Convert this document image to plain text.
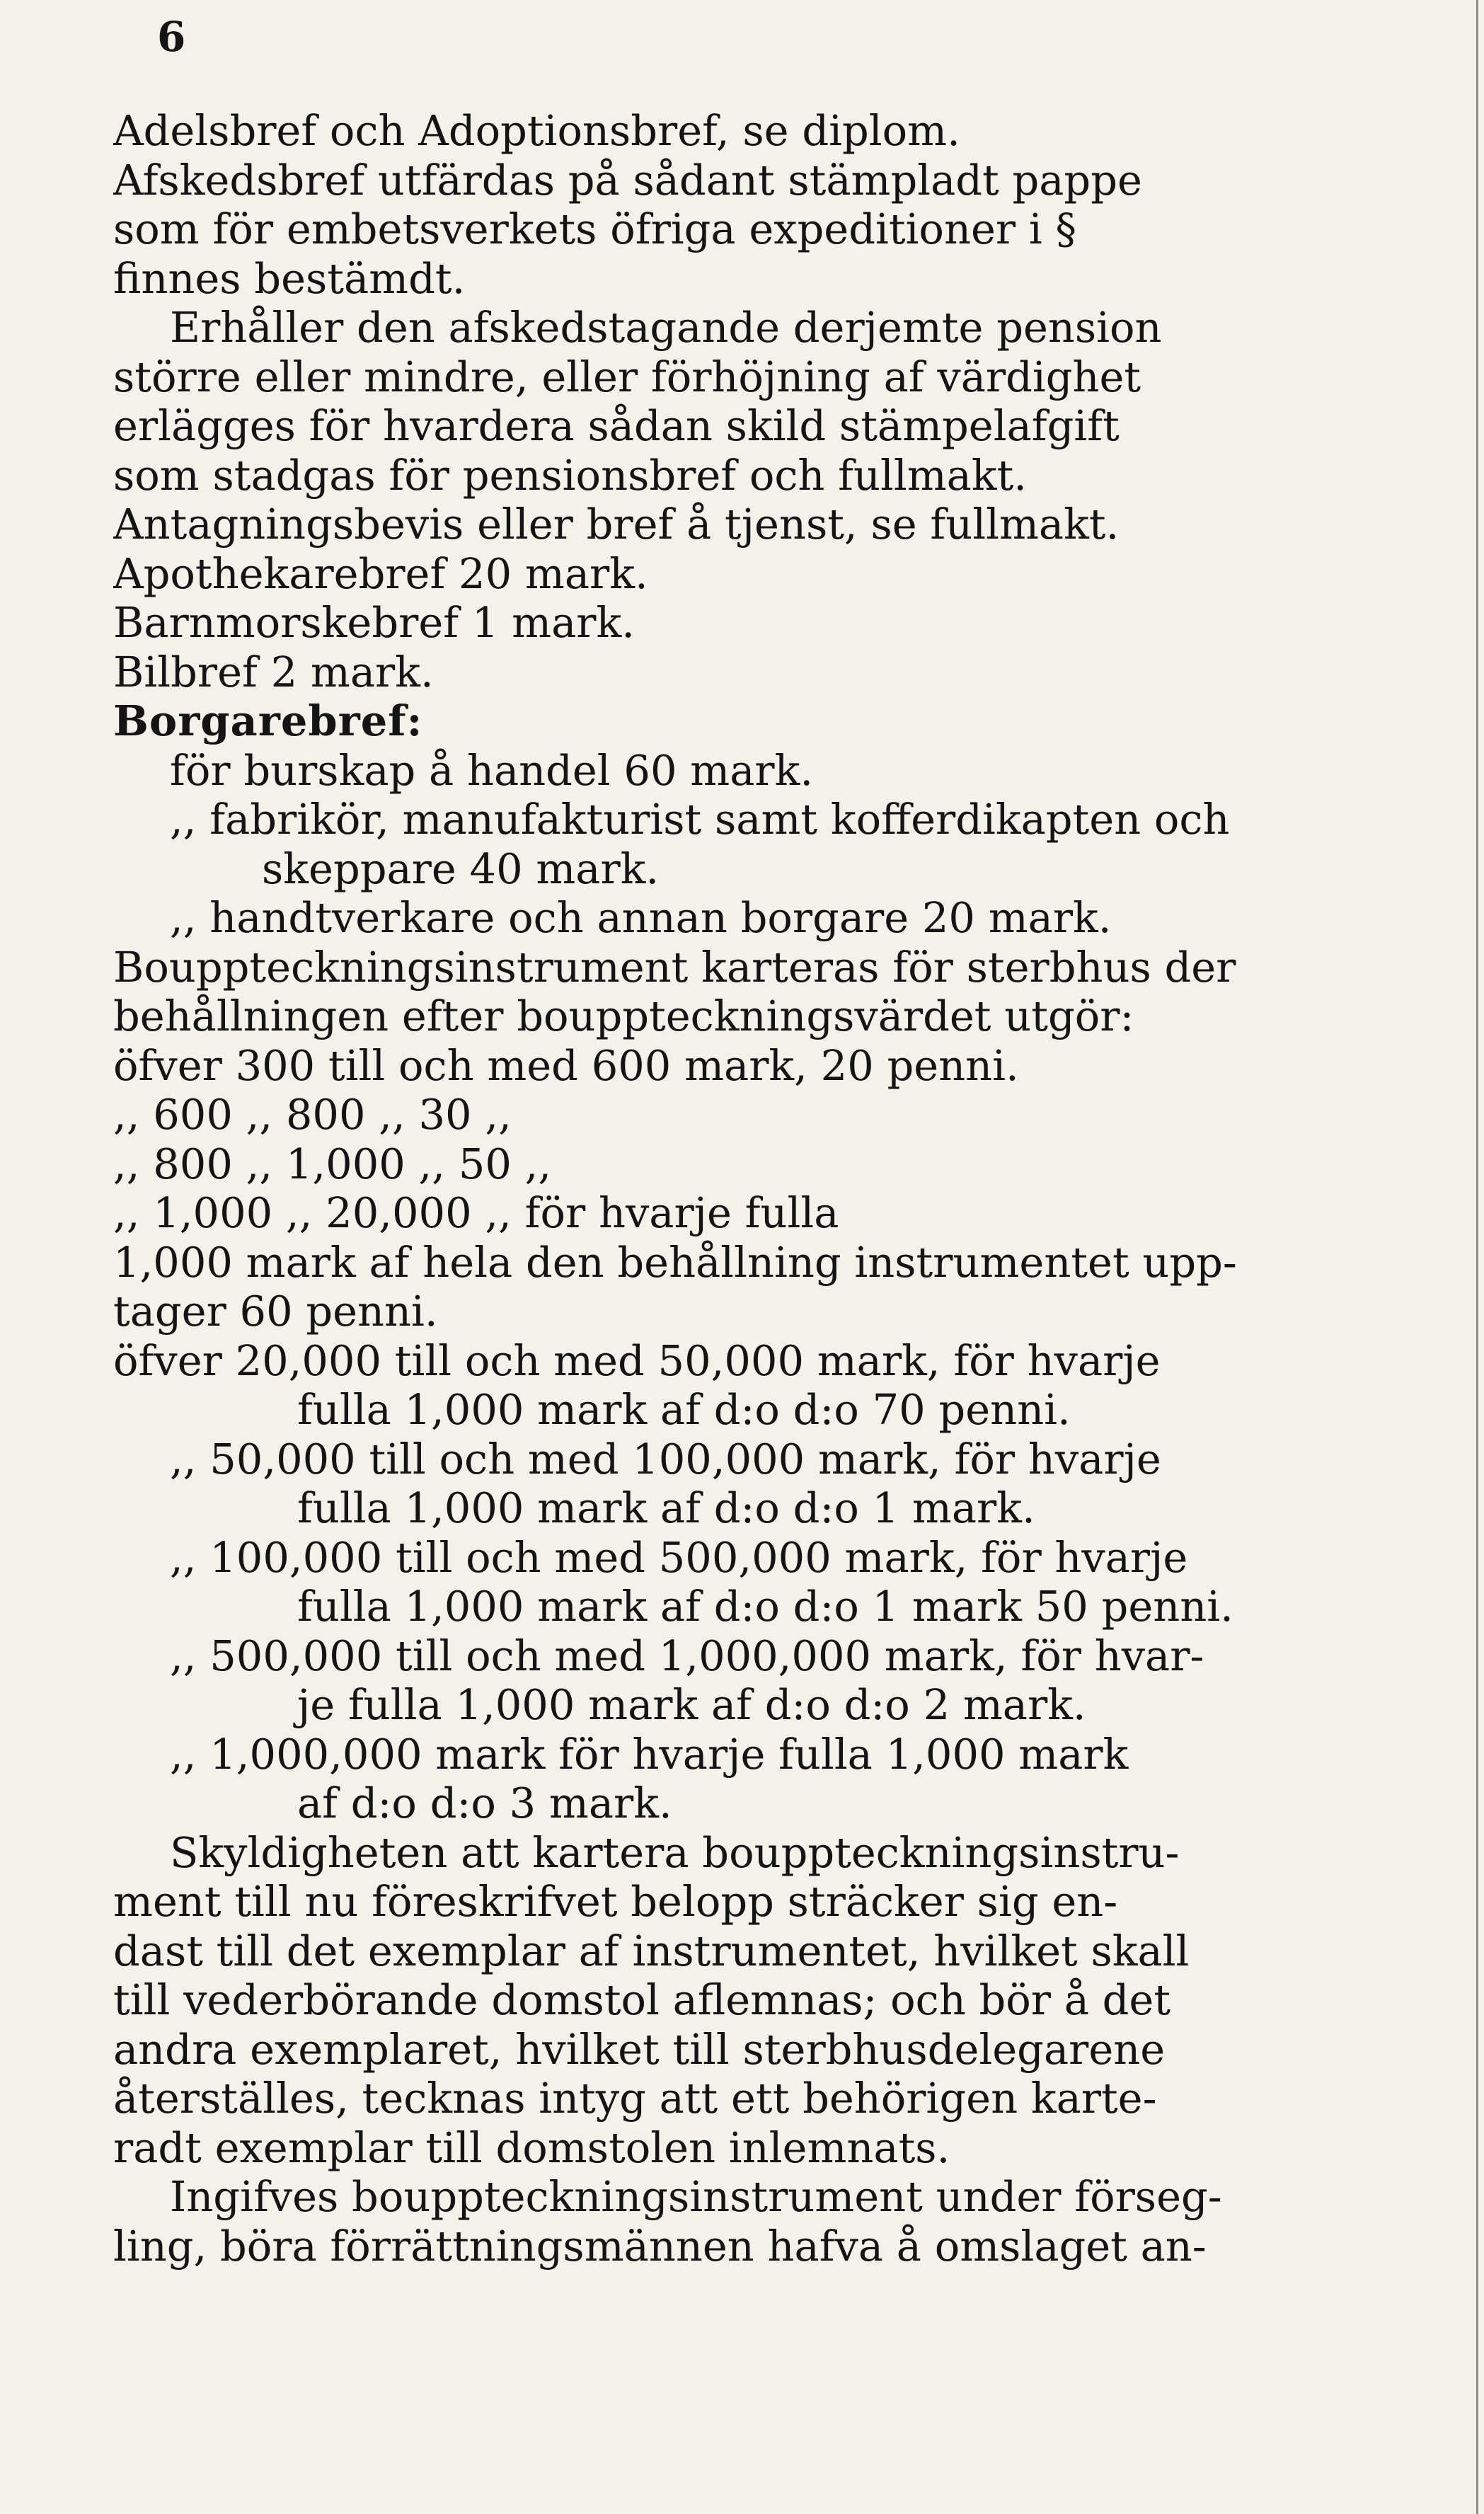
6
Adelsbref och Adoptionsbref, se diplom.
Afskedsbref utfärdas på sådant stämpladt pappe
som för embetsverkets öfriga expeditioner i §
finnes bestämdt.
Erhåller den afskedstagande derjemte pension
större eller mindre, eller förhöjning af värdighet
erlägges för hvardera sådan skild stämpelafgift
som stadgas för pensionsbref och fullmakt.
Antagningsbevis eller bref å tjenst, se fullmakt.
Apothekarebref 20 mark.
Barnmorskebref 1 mark.
Bilbref 2 mark.
Borgarebref:
för burskap å handel 60 mark.
,, fabrikör, manufakturist samt kofferdikapten och
skeppare 40 mark.
,, handtverkare och annan borgare 20 mark.
Bouppteckningsinstrument karteras för sterbhus der
behållningen efter bouppteckningsvärdet utgör:
öfver 300 till och med 600 mark, 20 penni.
,, 600 ,, 800 ,, 30 ,,
,, 800 ,, 1,000 ,, 50 ,,
,, 1,000 ,, 20,000 ,, för hvarje fulla
1,000 mark af hela den behållning instrumentet upp-
tager 60 penni.
öfver 20,000 till och med 50,000 mark, för hvarje
fulla 1,000 mark af d:o d:o 70 penni.
,, 50,000 till och med 100,000 mark, för hvarje
fulla 1,000 mark af d:o d:o 1 mark.
,, 100,000 till och med 500,000 mark, för hvarje
fulla 1,000 mark af d:o d:o 1 mark 50 penni.
,, 500,000 till och med 1,000,000 mark, för hvar-
je fulla 1,000 mark af d:o d:o 2 mark.
,, 1,000,000 mark för hvarje fulla 1,000 mark
af d:o d:o 3 mark.
Skyldigheten att kartera bouppteckningsinstru-
ment till nu föreskrifvet belopp sträcker sig en-
dast till det exemplar af instrumentet, hvilket skall
till vederbörande domstol aflemnas; och bör å det
andra exemplaret, hvilket till sterbhusdelegarene
återställes, tecknas intyg att ett behörigen karte-
radt exemplar till domstolen inlemnats.
Ingifves bouppteckningsinstrument under förseg-
ling, böra förrättningsmännen hafva å omslaget an-
